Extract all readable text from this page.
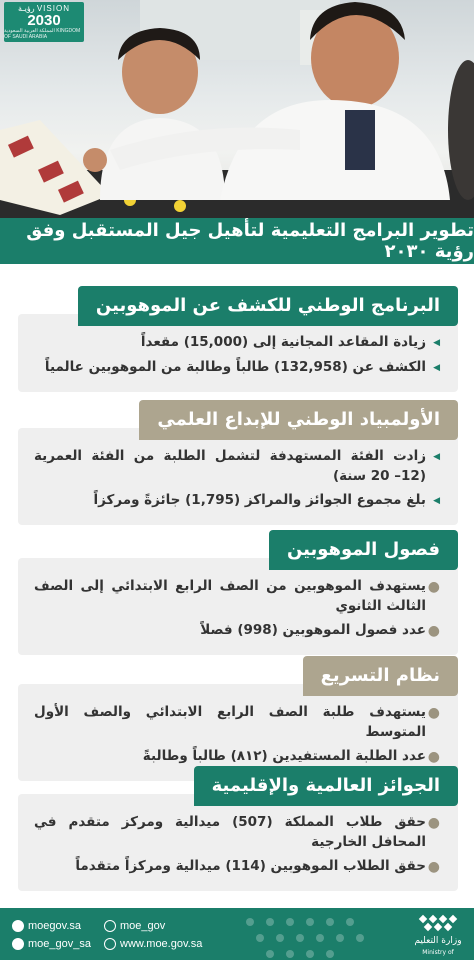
رؤيـة VISION
2030
المملكة العربية السعودية KINGDOM OF SAUDI ARABIA
تطوير البرامج التعليمية لتأهيل جيل المستقبل وفق رؤية ٢٠٣٠
البرنامج الوطني للكشف عن الموهوبين
◀
زيادة المقاعد المجانية إلى (15,000) مقعداً
◀
الكشف عن (132,958) طالباً وطالبة من الموهوبين عالمياً
الأولمبياد الوطني للإبداع العلمي
◀
زادت الفئة المستهدفة لتشمل الطلبة من الفئة العمرية (12– 20 سنة)
◀
بلغ مجموع الجوائز والمراكز (1,795) جائزةً ومركزاً
فصول الموهوبين
●
يستهدف الموهوبين من الصف الرابع الابتدائي إلى الصف الثالث الثانوي
●
عدد فصول الموهوبين (998) فصلاً
نظام التسريع
●
يستهدف طلبة الصف الرابع الابتدائي والصف الأول المتوسط
●
عدد الطلبة المستفيدين (٨١٢) طالباً وطالبةً
الجوائز العالمية والإقليمية
●
حقق طلاب المملكة (507) ميدالية ومركز متقدم في المحافل الخارجية
●
حقق الطلاب الموهوبين (114) ميدالية ومركزاً متقدماً
moegov.sa	moe_gov
moe_gov_sa	www.moe.gov.sa	وزارة التعليم
Ministry of Education
